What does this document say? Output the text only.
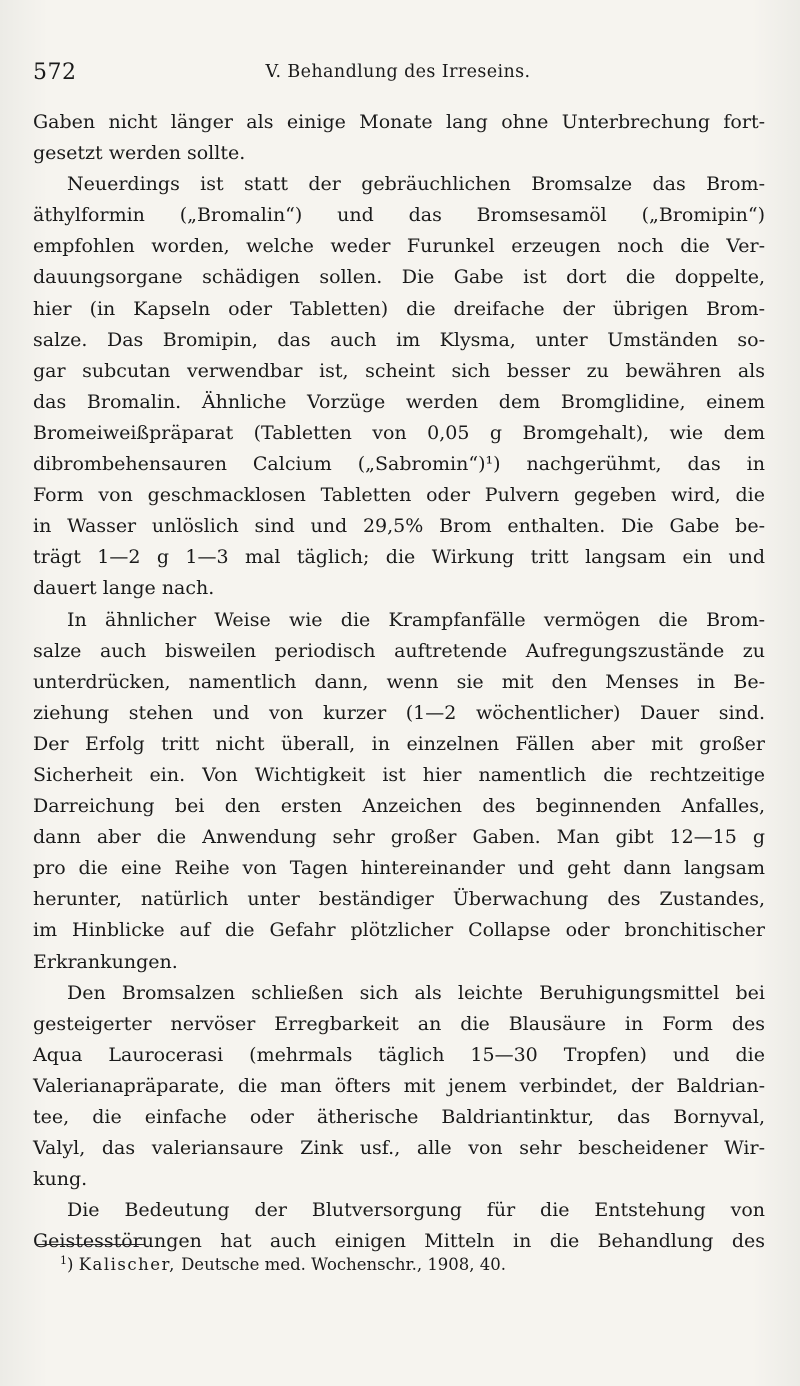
572	V. Behandlung des Irreseins.
Gaben nicht länger als einige Monate lang ohne Unterbrechung fort-
gesetzt werden sollte.
Neuerdings ist statt der gebräuchlichen Bromsalze das Brom-
äthylformin („Bromalin“) und das Bromsesamöl („Bromipin“)
empfohlen worden, welche weder Furunkel erzeugen noch die Ver-
dauungsorgane schädigen sollen. Die Gabe ist dort die doppelte,
hier (in Kapseln oder Tabletten) die dreifache der übrigen Brom-
salze. Das Bromipin, das auch im Klysma, unter Umständen so-
gar subcutan verwendbar ist, scheint sich besser zu bewähren als
das Bromalin. Ähnliche Vorzüge werden dem Bromglidine, einem
Bromeiweißpräparat (Tabletten von 0,05 g Bromgehalt), wie dem
dibrombehensauren Calcium („Sabromin“)¹) nachgerühmt, das in
Form von geschmacklosen Tabletten oder Pulvern gegeben wird, die
in Wasser unlöslich sind und 29,5% Brom enthalten. Die Gabe be-
trägt 1—2 g 1—3 mal täglich; die Wirkung tritt langsam ein und
dauert lange nach.
In ähnlicher Weise wie die Krampfanfälle vermögen die Brom-
salze auch bisweilen periodisch auftretende Aufregungszustände zu
unterdrücken, namentlich dann, wenn sie mit den Menses in Be-
ziehung stehen und von kurzer (1—2 wöchentlicher) Dauer sind.
Der Erfolg tritt nicht überall, in einzelnen Fällen aber mit großer
Sicherheit ein. Von Wichtigkeit ist hier namentlich die rechtzeitige
Darreichung bei den ersten Anzeichen des beginnenden Anfalles,
dann aber die Anwendung sehr großer Gaben. Man gibt 12—15 g
pro die eine Reihe von Tagen hintereinander und geht dann langsam
herunter, natürlich unter beständiger Überwachung des Zustandes,
im Hinblicke auf die Gefahr plötzlicher Collapse oder bronchitischer
Erkrankungen.
Den Bromsalzen schließen sich als leichte Beruhigungsmittel bei
gesteigerter nervöser Erregbarkeit an die Blausäure in Form des
Aqua Laurocerasi (mehrmals täglich 15—30 Tropfen) und die
Valerianapräparate, die man öfters mit jenem verbindet, der Baldrian-
tee, die einfache oder ätherische Baldriantinktur, das Bornyval,
Valyl, das valeriansaure Zink usf., alle von sehr bescheidener Wir-
kung.
Die Bedeutung der Blutversorgung für die Entstehung von
Geistesstörungen hat auch einigen Mitteln in die Behandlung des
$^1$) Kalischer, Deutsche med. Wochenschr., 1908, 40.
